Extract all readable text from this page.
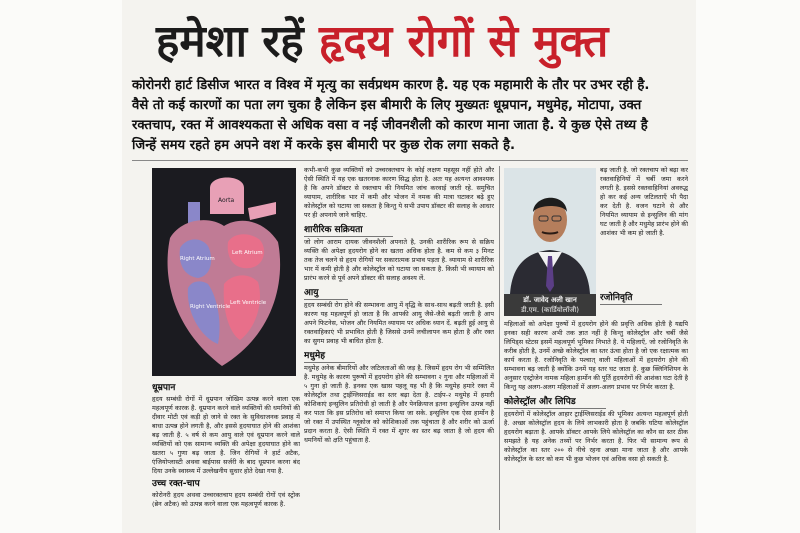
हमेशा रहें हृदय रोगों से मुक्त

कोरोनरी हार्ट डिसीज भारत व विश्व में मृत्यु का सर्वप्रथम कारण है. यह एक महामारी के तौर पर उभर रही है.

वैसे तो कई कारणों का पता लग चुका है लेकिन इस बीमारी के लिए मुख्यतः धूम्रपान, मधुमेह, मोटापा, उक्त

रक्तचाप, रक्त में आवश्यकता से अधिक वसा व नई जीवनशैली को कारण माना जाता है. ये कुछ ऐसे तथ्य है

जिन्हें समय रहते हम अपने वश में करके इस बीमारी पर कुछ रोक लगा सकते है.

Aorta
Right Atrium
Left Atrium
Right Ventricle
Left Ventricle
धूम्रपान

हृदय सम्बंधी रोगों में धूम्रपान जोखिम उत्पन्न करने वाला एक महत्वपूर्ण कारक है. धूम्रपान करने वाले व्यक्तियों की धमनियों की दीवार मोटी एवं कड़ी हो जाने से रक्त के सुविधाजनक प्रवाह में बाधा उत्पन्न होने लगती है, और इससे हृदयाघात होने की आशंका बढ़ जाती है. ५ वर्ष से कम आयु वाले एवं धूम्रपान करने वाले व्यक्तियों को एक सामान्य व्यक्ति की अपेक्षा हृदयाघात होने का खतरा ५ गुणा बढ़ जाता है. जिन रोगियों ने हार्ट अटैक, एंजियोप्लास्टी अथवा बाईपास सर्जरी के बाद धूम्रपान करना बंद दिया उनके स्वास्थ्य में उल्लेखनीय सुधार होते देखा गया है.

उच्च रक्त-चाप

कोरोनरी हृदय अथवा उच्चरक्तचाप हृदय सम्बंधी रोगों एवं स्ट्रोक (ब्रेन अटैक) को उत्पन्न करने वाला एक महत्वपूर्ण कारक है.

कभी-कभी कुछ व्यक्तियों को उच्चरक्तचाप के कोई लक्षण महसूस नहीं होते और ऐसी स्थिति में यह एक खतरनाक कारण सिद्ध होता है. अतः यह अत्यन्त आवश्यक है कि अपने डॉक्टर से रक्तचाप की नियमित जांच करवाई जाती रहे. समुचित व्यायाम, शारीरिक भार में कमी और भोजन में नमक की मात्रा घटाकर बढ़े हुए कोलेस्ट्रॉल को घटाया जा सकता है किन्तु ये सभी उपाय डॉक्टर की सलाह के आधार पर ही अपनाये जाने चाहिए.

शारीरिक सक्रियता

जो लोग आराम दायक जीवनशैली अपनाते है, उनकी शारीरिक रूप से सक्रिय व्यक्ति की अपेक्षा हृदयरोग होने का खतरा अधिक होता है. कम से कम ३ मिनट तक तेज चलने से हृदय रोगियों पर सकारात्मक प्रभाव पड़ता है. व्यायाम से शारीरिक भार में कमी होती है और कोलेस्ट्रॉल को घटाया जा सकता है. किसी भी व्यायाम को प्रारंभ करने से पूर्व अपने डॉक्टर की सलाह अवश्य लें.

आयु

हृदय सम्बंधी रोग होने की सम्भावना आयु में वृद्धि के साथ-साथ बढ़ती जाती है. इसी कारण यह महत्वपूर्ण हो जाता है कि आपकी आयु जैसे-जैसे बढ़ती जाती है आप अपने फिटनेस, भोजन और नियमित व्यायाम पर अधिक ध्यान दें. बढ़ती हुई आयु से रक्तवाहिकाएं भी प्रभावित होती है जिससे उनमें लचीलापन कम होता है और रक्त का सुगम प्रवाह भी बाधित होता है.

मधुमेह

मधुमेह अनेक बीमारियों और जटिलताओं की जड़ है. जिसमें हृदय रोग भी सम्मिलित है. मधुमेह के कारण पुरूषों में हृदयरोग होने की सम्भावना २ गुना और महिलाओं में ५ गुना हो जाती है. इनका एक खास पहलू यह भी है कि मधुमेह हमारे रक्त में कोलेस्ट्रॉल तथा ट्राईग्लिसराईड का स्तर बढ़ा देता है. टाईप-२ मधुमेह में हमारी कोशिकाएं इन्सुलिन प्रतिरोधी हो जाती है और पेनक्रियाज इतना इन्सुलिन उत्पन्न नहीं कर पाता कि इस प्रतिरोध को समाप्त किया जा सके. इन्सुलिन एक ऐसा हार्मोन है जो रक्त में उपस्थित ग्लूकोज को कोशिकाओं तक पहुंचाता है और शरीर को ऊर्जा प्रदान करता है. ऐसी स्थिति में रक्त में शुगर का स्तर बढ़ जाता है जो हृदय की धमनियों को क्षति पहुंचाता है.

डॉ. जावेद अली खान
डी.एम. (कार्डियोलॉजी)

बढ़ जाती है. जो रक्तचाप को बढ़ा कर रक्तवाहिनियों में चर्बी जमा करने लगती है. इससे रक्तवाहिनियां अवरुद्ध हो कर कई अन्य जटिलताएँ भी पैदा कर देती है. वजन घटाने से और नियमित व्यायाम से इन्सुलिन की मांग घट जाती है और मधुमेह प्रारंभ होने की आशंका भी कम हो जाती है.

रजोनिवृति

महिलाओं को अपेक्षा पुरुषों में हृदयरोग होने की प्रवृत्ति अधिक होती है यद्यपि इनका सही कारण अभी तक ज्ञात नहीं है किन्तु कोलेस्ट्रॉल और चर्बी जैसे लिपिड्स स्टेटस इसमें महत्वपूर्ण भूमिका निभाते है. ये महिलाएँ, जो रजोनिवृति के करीब होती है, उनमें अच्छे कोलेस्ट्रॉल का स्तर ऊंचा होता है जो एक रक्षात्मक का कार्य करता है. रजोनिवृति के पश्चात् वाली महिलाओं में हृदयरोग होने की सम्भावना बढ़ जाती है क्योंकि उनमें यह स्तर घट जाता है. कुछ क्लिनिशियन के अनुसार एस्ट्रोजेन नामक महिला हार्मोन की पूर्ति हृदयरोगों की आशंका घटा देती है किन्तु यह अलग-अलग महिलाओं में अलग-अलग प्रभाव पर निर्भर करता है.

कोलेस्ट्रॉल और लिपिड

हृदयरोगों में कोलेस्ट्रॉल आहार ट्राईग्लिसराईड की भूमिका अत्यन्त महत्वपूर्ण होती है. अच्छा कोलेस्ट्रॉल हृदय के लिये लाभकारी होता है जबकि घटिया कोलेस्ट्रॉल हृदयरोग बढ़ाता है. आपके डॉक्टर आपके लिये कोलेस्ट्रॉल का कौन सा स्तर ठीक समझते है यह अनेक तथ्यों पर निर्भर करता है. फिर भी सामान्य रूप से कोलेस्ट्रॉल का स्तर २०० से नीचे रहना अच्छा माना जाता है और आपके कोलेस्ट्रॉल के स्तर को कम भी कुछ भोजन एवं अधिक वसा हो सकती है.
